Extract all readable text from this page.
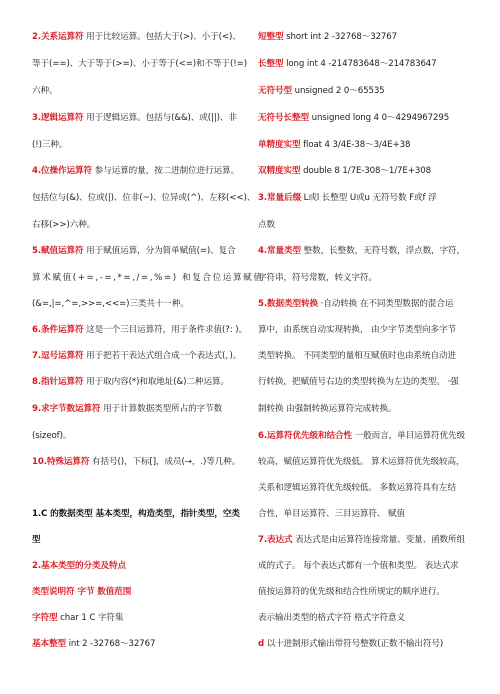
2.关系运算符 用于比较运算。包括大于(>)、小于(<)、
等于(==)、大于等于(>=)、小于等于(<=)和不等于(!=)
六种。
3.逻辑运算符 用于逻辑运算。包括与(&&)、或(||)、非
(!)三种。
4.位操作运算符 参与运算的量，按二进制位进行运算。
包括位与(&)、位或(|)、位非(~)、位异或(^)、左移(<<)、
右移(>>)六种。
5.赋值运算符 用于赋值运算，分为简单赋值(=)、复合
算术赋值(+=,-=,*=,/=,%=) 和复合位运算赋值
(&=,|=,^=,>>=,<<=)三类共十一种。
6.条件运算符 这是一个三目运算符，用于条件求值(?: )。
7.逗号运算符 用于把若干表达式组合成一个表达式(，)。
8.指针运算符 用于取内容(*)和取地址(&)二种运算。
9.求字节数运算符 用于计算数据类型所占的字节数
(sizeof)。
10.特殊运算符 有括号()，下标[]，成员(→，.)等几种。
1.C 的数据类型 基本类型，构造类型，指针类型，空类
型
2.基本类型的分类及特点
类型说明符 字节 数值范围
字符型 char 1 C 字符集
基本整型 int 2 -32768～32767
短整型 short int 2 -32768～32767
长整型 long int 4 -214783648～214783647
无符号型 unsigned 2 0～65535
无符号长整型 unsigned long 4 0～4294967295
单精度实型 float 4 3/4E-38～3/4E+38
双精度实型 double 8 1/7E-308～1/7E+308
3.常量后缀 L或l 长整型 U或u 无符号数 F或f 浮
点数
4.常量类型 整数，长整数，无符号数，浮点数，字符，
字符串，符号常数，转义字符。
5.数据类型转换 ·自动转换 在不同类型数据的混合运
算中，由系统自动实现转换， 由少字节类型向多字节
类型转换。 不同类型的量相互赋值时也由系统自动进
行转换，把赋值号右边的类型转换为左边的类型。 ·强
制转换 由强制转换运算符完成转换。
6.运算符优先级和结合性 一般而言，单目运算符优先级
较高，赋值运算符优先级低。 算术运算符优先级较高，
关系和逻辑运算符优先级较低。 多数运算符具有左结
合性，单目运算符、三目运算符、 赋值
7.表达式 表达式是由运算符连接常量、变量、函数所组
成的式子。 每个表达式都有一个值和类型。 表达式求
值按运算符的优先级和结合性所规定的顺序进行。
表示输出类型的格式字符 格式字符意义
d 以十进制形式输出带符号整数(正数不输出符号)
